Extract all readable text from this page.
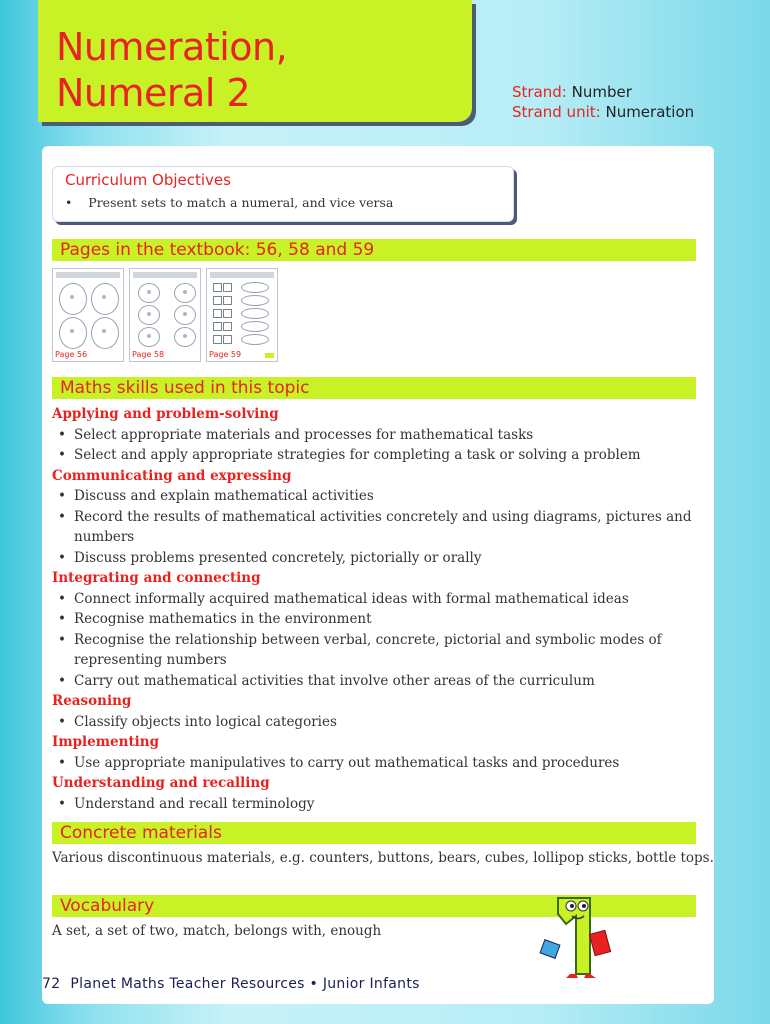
Numeration,
Numeral 2	Strand: Number
Strand unit: Numeration
Curriculum Objectives
•    Present sets to match a numeral, and vice versa
Pages in the textbook: 56, 58 and 59
Page 56	Page 58	Page 59
Maths skills used in this topic
Applying and problem-solving
• Select appropriate materials and processes for mathematical tasks
• Select and apply appropriate strategies for completing a task or solving a problem
Communicating and expressing
• Discuss and explain mathematical activities
• Record the results of mathematical activities concretely and using diagrams, pictures and numbers
• Discuss problems presented concretely, pictorially or orally
Integrating and connecting
• Connect informally acquired mathematical ideas with formal mathematical ideas
• Recognise mathematics in the environment
• Recognise the relationship between verbal, concrete, pictorial and symbolic modes of representing numbers
• Carry out mathematical activities that involve other areas of the curriculum
Reasoning
• Classify objects into logical categories
Implementing
• Use appropriate manipulatives to carry out mathematical tasks and procedures
Understanding and recalling
• Understand and recall terminology
Concrete materials
Various discontinuous materials, e.g. counters, buttons, bears, cubes, lollipop sticks, bottle tops.
Vocabulary
A set, a set of two, match, belongs with, enough
72 Planet Maths Teacher Resources • Junior Infants
